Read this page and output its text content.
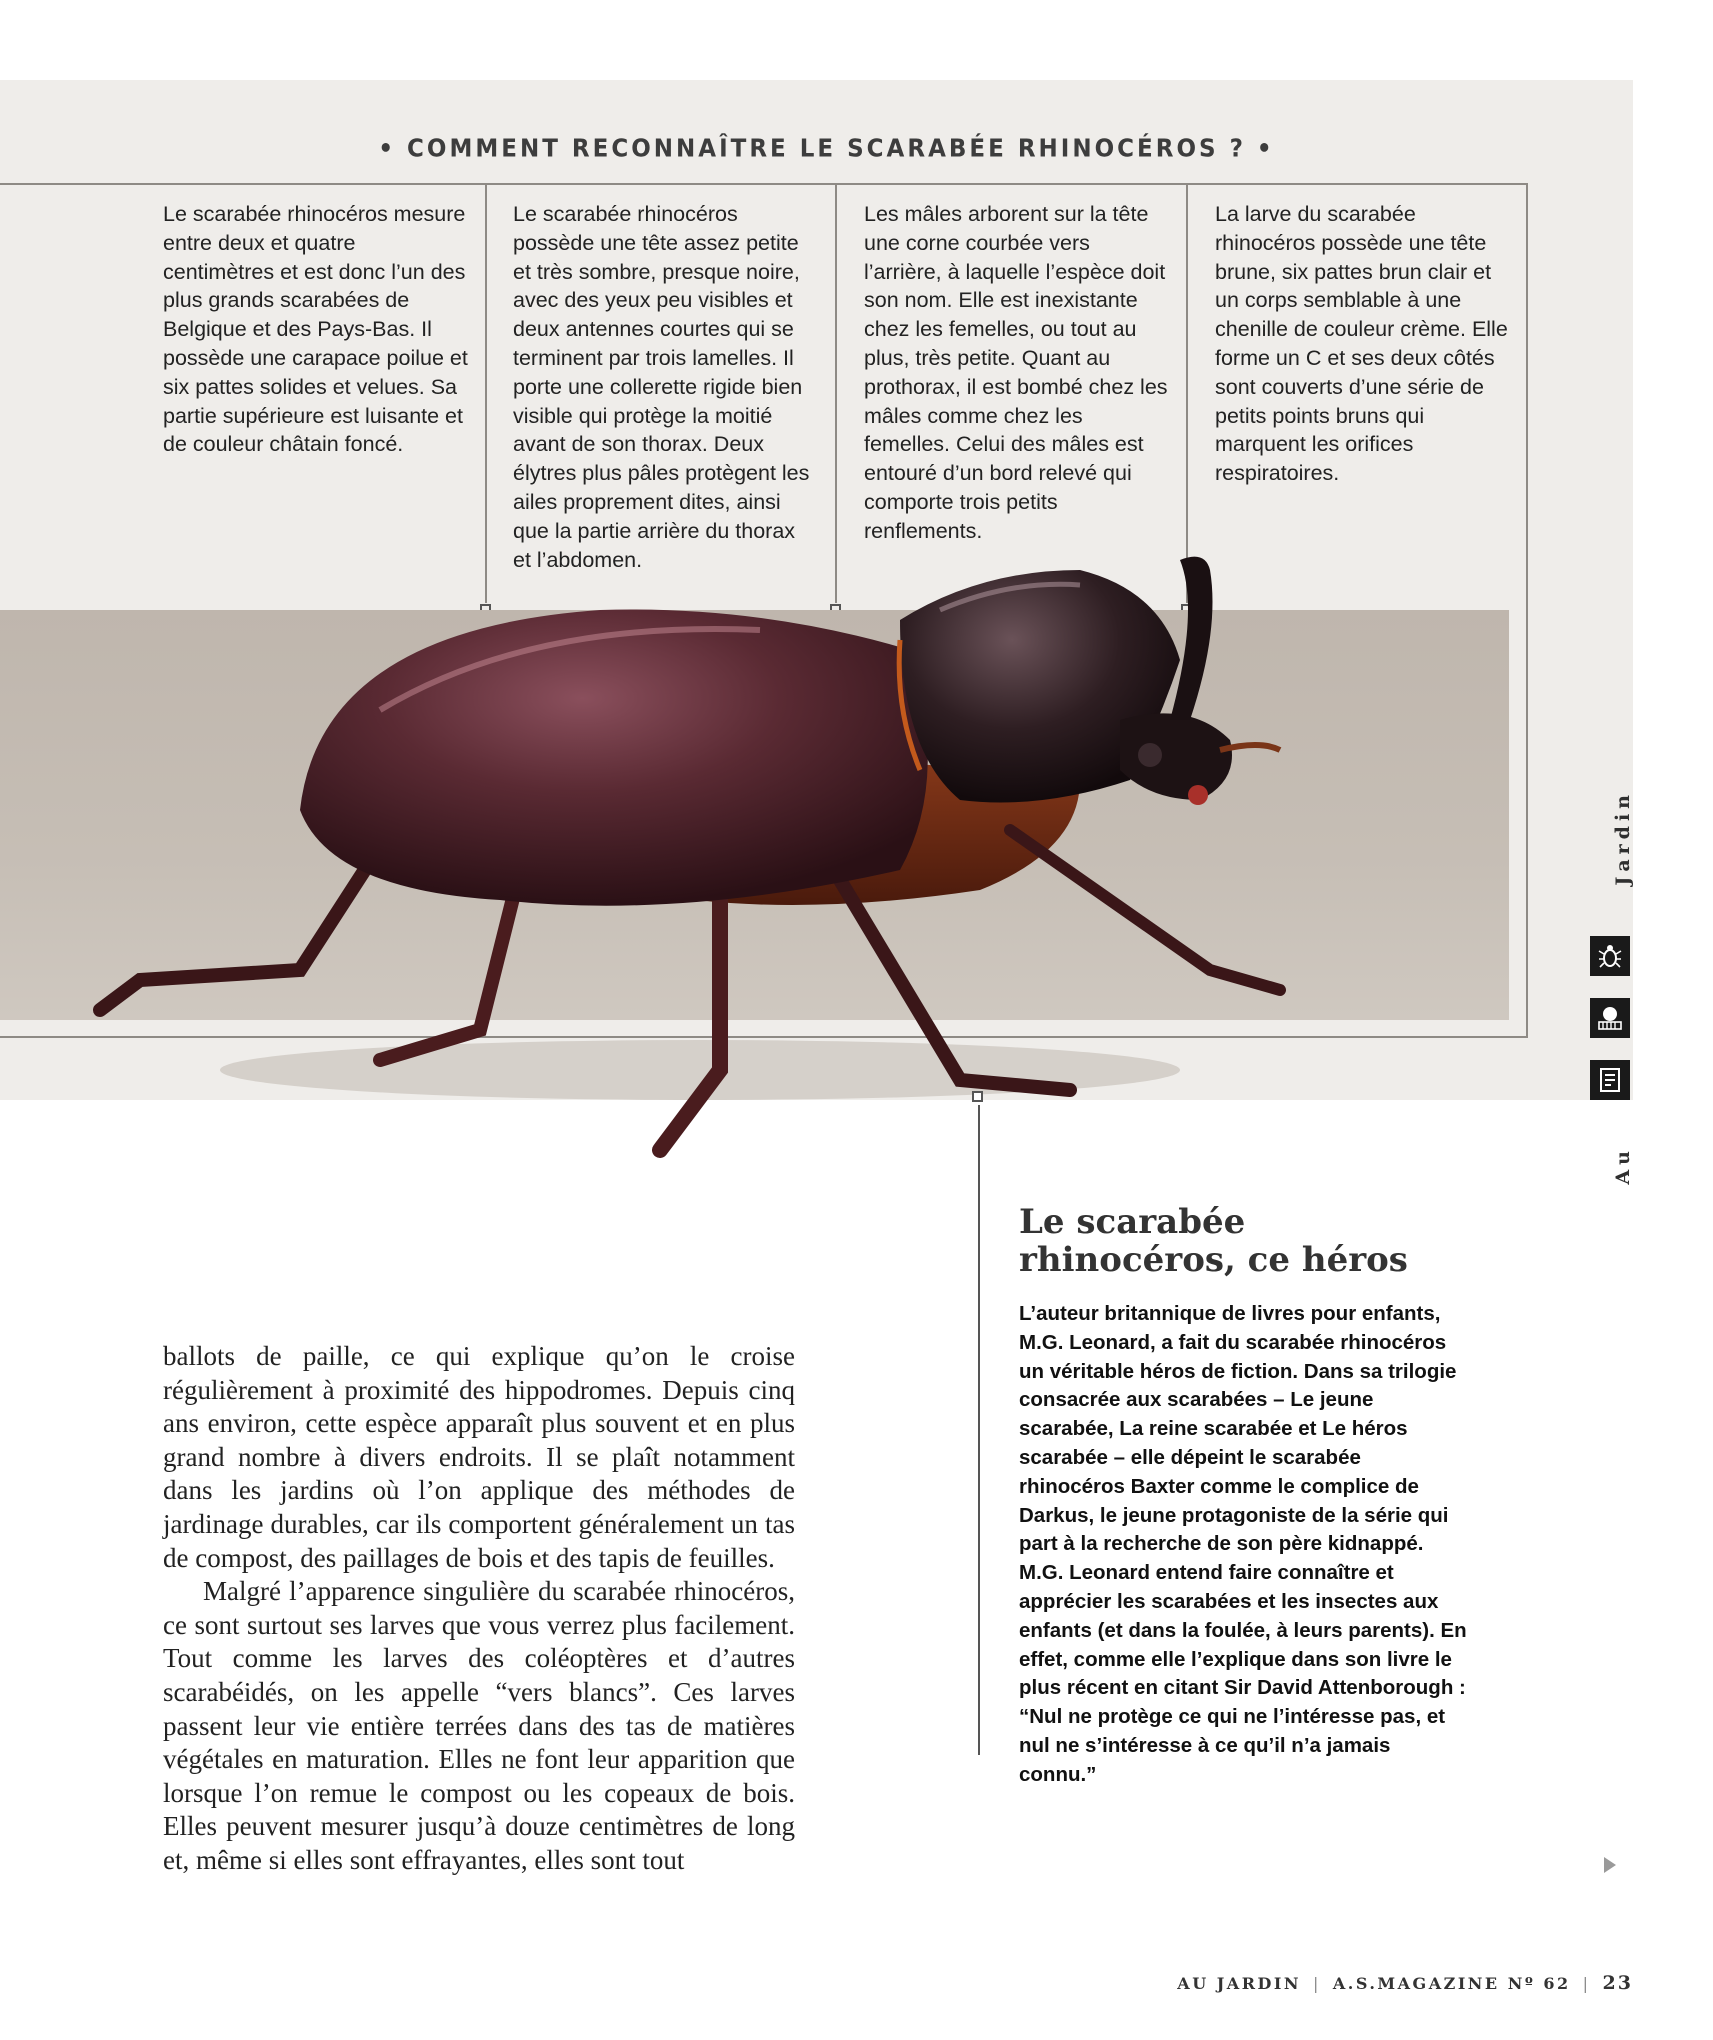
• COMMENT RECONNAÎTRE LE SCARABÉE RHINOCÉROS ? •
Le scarabée rhinocéros mesure entre deux et quatre centimètres et est donc l’un des plus grands scarabées de Belgique et des Pays-Bas. Il possède une carapace poilue et six pattes solides et velues. Sa partie supérieure est luisante et de couleur châtain foncé.
Le scarabée rhinocéros possède une tête assez petite et très sombre, presque noire, avec des yeux peu visibles et deux antennes courtes qui se terminent par trois lamelles. Il porte une collerette rigide bien visible qui protège la moitié avant de son thorax. Deux élytres plus pâles protègent les ailes proprement dites, ainsi que la partie arrière du thorax et l’abdomen.
Les mâles arborent sur la tête une corne courbée vers l’arrière, à laquelle l’espèce doit son nom. Elle est inexistante chez les femelles, ou tout au plus, très petite. Quant au prothorax, il est bombé chez les mâles comme chez les femelles. Celui des mâles est entouré d’un bord relevé qui comporte trois petits renflements.
La larve du scarabée rhinocéros possède une tête brune, six pattes brun clair et un corps semblable à une chenille de couleur crème. Elle forme un C et ses deux côtés sont couverts d’une série de petits points bruns qui marquent les orifices respiratoires.

ballots de paille, ce qui explique qu’on le croise régulièrement à proximité des hippodromes. Depuis cinq ans environ, cette espèce apparaît plus souvent et en plus grand nombre à divers endroits. Il se plaît notamment dans les jardins où l’on applique des méthodes de jardinage durables, car ils comportent généralement un tas de compost, des paillages de bois et des tapis de feuilles.

Malgré l’apparence singulière du scarabée rhinocéros, ce sont surtout ses larves que vous verrez plus facilement. Tout comme les larves des coléoptères et d’autres scarabéidés, on les appelle “vers blancs”. Ces larves passent leur vie entière terrées dans des tas de matières végétales en maturation. Elles ne font leur apparition que lorsque l’on remue le compost ou les copeaux de bois. Elles peuvent mesurer jusqu’à douze centimètres de long et, même si elles sont effrayantes, elles sont tout

Le scarabée rhinocéros, ce héros
L’auteur britannique de livres pour enfants, M.G. Leonard, a fait du scarabée rhinocéros un véritable héros de fiction. Dans sa trilogie consacrée aux scarabées – Le jeune scarabée, La reine scarabée et Le héros scarabée – elle dépeint le scarabée rhinocéros Baxter comme le complice de Darkus, le jeune protagoniste de la série qui part à la recherche de son père kidnappé. M.G. Leonard entend faire connaître et apprécier les scarabées et les insectes aux enfants (et dans la foulée, à leurs parents). En effet, comme elle l’explique dans son livre le plus récent en citant Sir David Attenborough : “Nul ne protège ce qui ne l’intéresse pas, et nul ne s’intéresse à ce qu’il n’a jamais connu.”
Jardin
Au
AU JARDIN | A.S.MAGAZINE Nº 62 | 23
